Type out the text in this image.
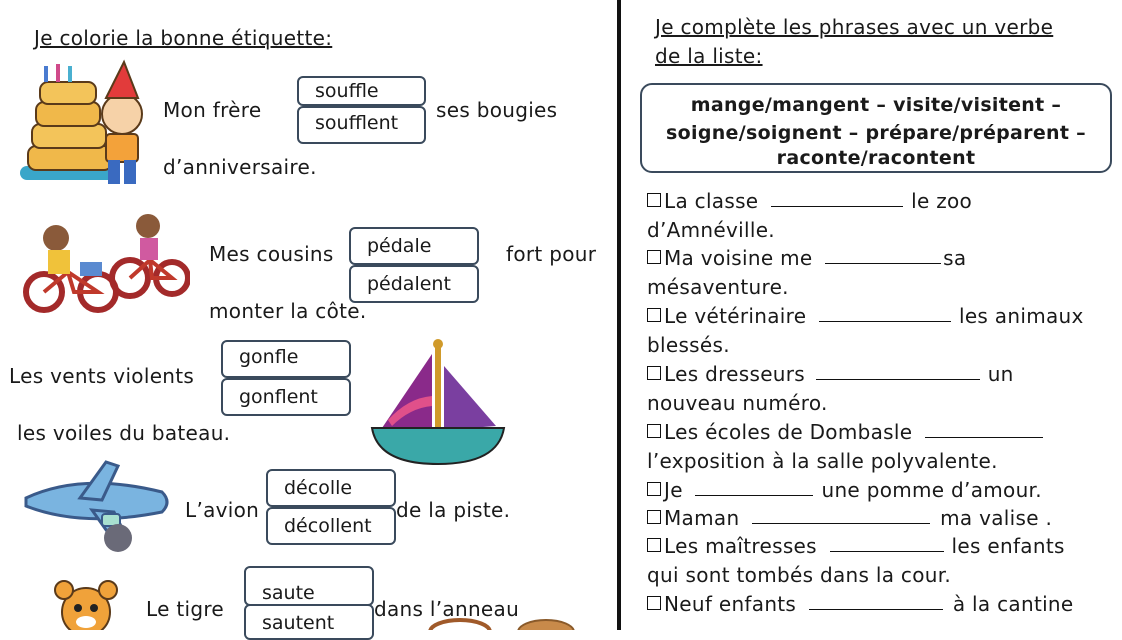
Je colorie la bonne étiquette:
Mon frère
souffle
soufflent
ses bougies
d’anniversaire.
Mes cousins	pédale
pédalent
fort pour
monter la côte.
Les vents violents
gonfle
gonflent
les voiles du bateau.
L’avion
décolle
décollent
de la piste.
Le tigre
saute
sautent
dans l’anneau
Je complète les phrases avec un verbe
de la liste:
mange/mangent – visite/visitent –
soigne/soignent – prépare/préparent –
raconte/racontent
La classe	le zoo
d’Amnéville.
Ma voisine me	sa
mésaventure.
Le vétérinaire	les animaux
blessés.
Les dresseurs	un
nouveau numéro.
Les écoles de Dombasle
l’exposition à la salle polyvalente.
Je	une pomme d’amour.
Maman	ma valise .
Les maîtresses	les enfants
qui sont tombés dans la cour.
Neuf enfants	à la cantine
